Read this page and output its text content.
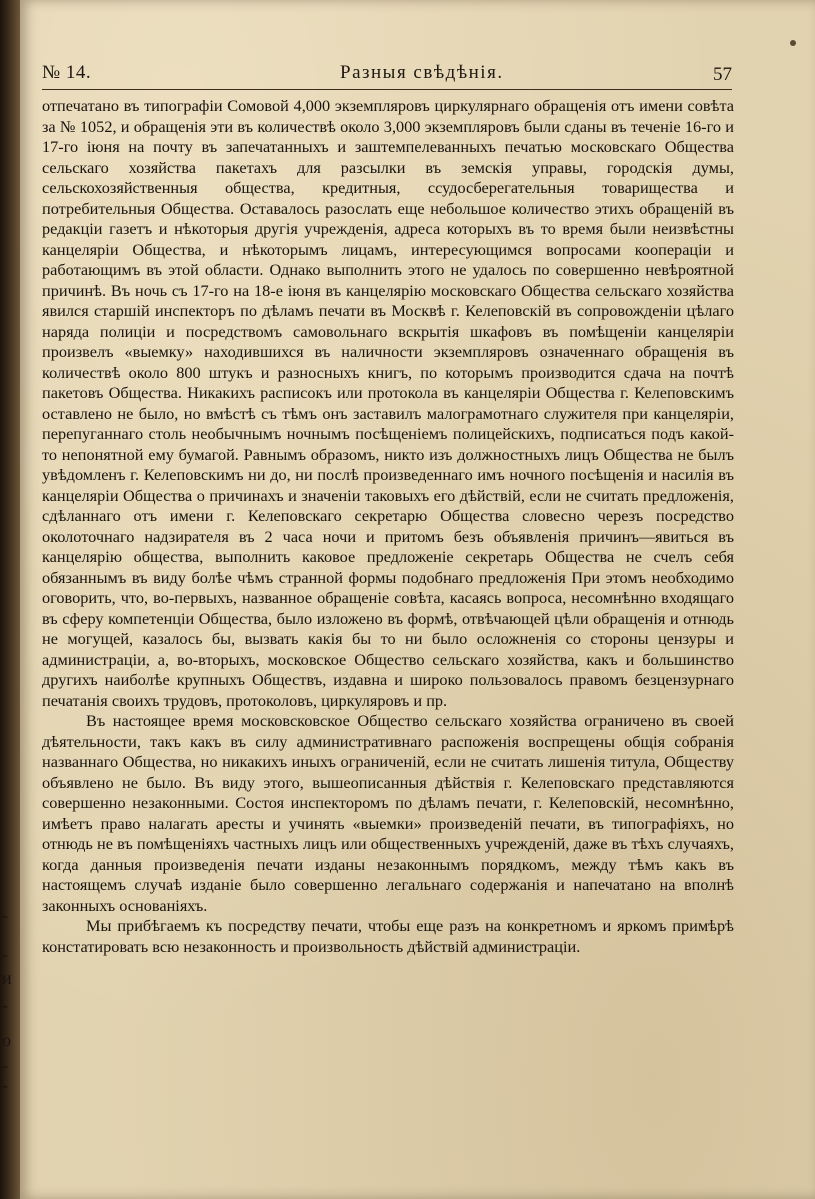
-
-
и
-
о
-
-
№ 14.	Разныя свѣдѣнія.	57

отпечатано въ типографіи Сомовой 4,000 экземпляровъ циркулярнаго обращенія отъ имени совѣта за № 1052, и обращенія эти въ количествѣ около 3,000 экземпляровъ были сданы въ теченіе 16-го и 17-го іюня на почту въ запечатанныхъ и заштемпелеванныхъ печатью московскаго Общества сельскаго хозяйства пакетахъ для разсылки въ земскія управы, городскія думы, сельскохозяйственныя общества, кредитныя, ссудосберегательныя товарищества и потребительныя Общества. Оставалось разослать еще небольшое количество этихъ обращеній въ редакціи газетъ и нѣкоторыя другія учрежденія, адреса которыхъ въ то время были неизвѣстны канцеляріи Общества, и нѣкоторымъ лицамъ, интересующимся вопросами коопераціи и работающимъ въ этой области. Однако выполнить этого не удалось по совершенно невѣроятной причинѣ. Въ ночь съ 17-го на 18-е іюня въ канцелярію московскаго Общества сельскаго хозяйства явился старшій инспекторъ по дѣламъ печати въ Москвѣ г. Келеповскій въ сопровожденіи цѣлаго наряда полиціи и посредствомъ самовольнаго вскрытія шкафовъ въ помѣщеніи канцеляріи произвелъ «выемку» находившихся въ наличности экземпляровъ означеннаго обращенія въ количествѣ около 800 штукъ и разносныхъ книгъ, по которымъ производится сдача на почтѣ пакетовъ Общества. Никакихъ расписокъ или протокола въ канцеляріи Общества г. Келеповскимъ оставлено не было, но вмѣстѣ съ тѣмъ онъ заставилъ малограмотнаго служителя при канцеляріи, перепуганнаго столь необычнымъ ночнымъ посѣщеніемъ полицейскихъ, подписаться подъ какой-то непонятной ему бумагой. Равнымъ образомъ, никто изъ должностныхъ лицъ Общества не былъ увѣдомленъ г. Келеповскимъ ни до, ни послѣ произведеннаго имъ ночного посѣщенія и насилія въ канцеляріи Общества о причинахъ и значеніи таковыхъ его дѣйствій, если не считать предложенія, сдѣланнаго отъ имени г. Келеповскаго секретарю Общества словесно черезъ посредство околоточнаго надзирателя въ 2 часа ночи и притомъ безъ объявленія причинъ—явиться въ канцелярію общества, выполнить каковое предложеніе секретарь Общества не счелъ себя обязаннымъ въ виду болѣе чѣмъ странной формы подобнаго предложенія При этомъ необходимо оговорить, что, во-первыхъ, названное обращеніе совѣта, касаясь вопроса, несомнѣнно входящаго въ сферу компетенціи Общества, было изложено въ формѣ, отвѣчающей цѣли обращенія и отнюдь не могущей, казалось бы, вызвать какія бы то ни было осложненія со стороны цензуры и администраціи, а, во-вторыхъ, московское Общество сельскаго хозяйства, какъ и большинство другихъ наиболѣе крупныхъ Обществъ, издавна и широко пользовалось правомъ безцензурнаго печатанія своихъ трудовъ, протоколовъ, циркуляровъ и пр.

Въ настоящее время московсковское Общество сельскаго хозяйства ограничено въ своей дѣятельности, такъ какъ въ силу административнаго распоженія воспрещены общія собранія названнаго Общества, но никакихъ иныхъ ограниченій, если не считать лишенія титула, Обществу объявлено не было. Въ виду этого, вышеописанныя дѣйствія г. Келеповскаго представляются совершенно незаконными. Состоя инспекторомъ по дѣламъ печати, г. Келеповскій, несомнѣнно, имѣетъ право налагать аресты и учинять «выемки» произведеній печати, въ типографіяхъ, но отнюдь не въ помѣщеніяхъ частныхъ лицъ или общественныхъ учрежденій, даже въ тѣхъ случаяхъ, когда данныя произведенія печати изданы незаконнымъ порядкомъ, между тѣмъ какъ въ настоящемъ случаѣ изданіе было совершенно легальнаго содержанія и напечатано на вполнѣ законныхъ основаніяхъ.

Мы прибѣгаемъ къ посредству печати, чтобы еще разъ на конкретномъ и яркомъ примѣрѣ констатировать всю незаконность и произвольность дѣйствій администраціи.
